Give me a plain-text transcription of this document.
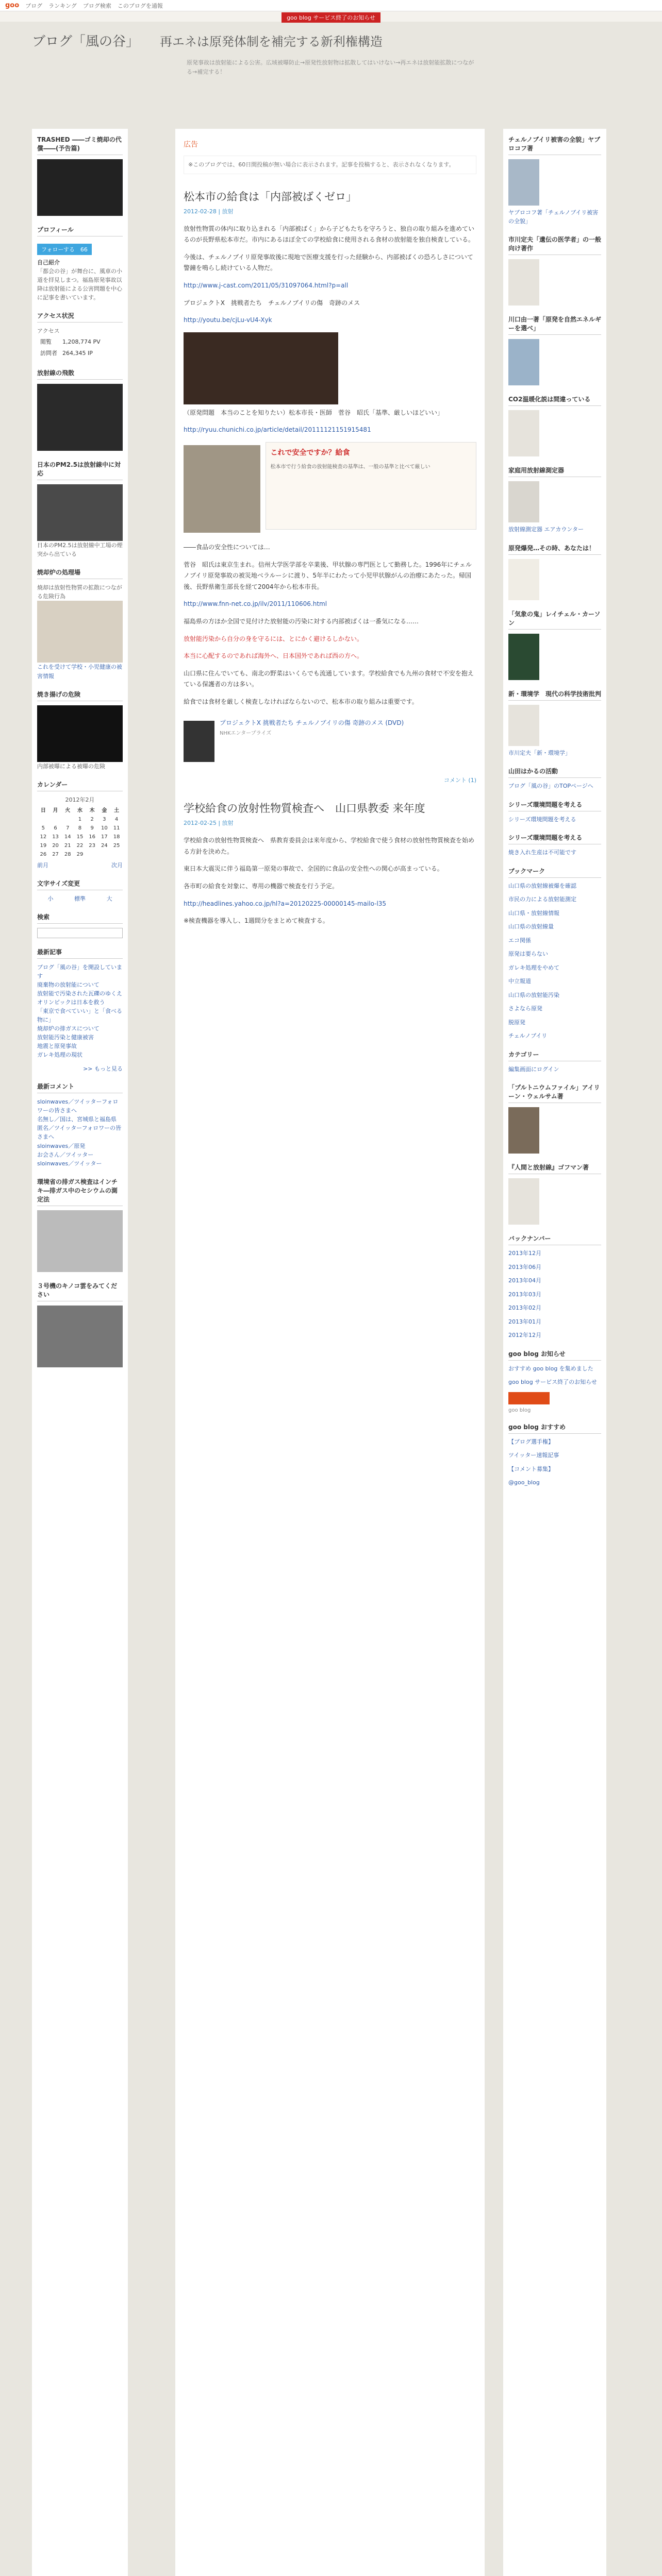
goo ブログ ランキング ブログ検索 このブログを通報
goo blog サービス終了のお知らせ
ブログ「風の谷」 再エネは原発体制を補完する新利権構造

原発事故は放射能による公害。広域被曝防止→原発性放射物は拡散してはいけない→再エネは放射能拡散につながる→補完する！

TRASHED ――ゴミ焼却の代償――(予告篇)
プロフィール
フォローする　66
自己紹介
「都会の谷」が舞台に、風車の小道を拝見しまつ。福島原発事故以降は放射能による公害問題を中心に記事を書いています。
アクセス状況
アクセス
閲覧	1,208,774 PV
訪問者	264,345 IP
放射線の飛散
日本のPM2.5は放射線中に対応
日本のPM2.5は放射線中工場の煙突から出ている
焼却炉の処理場
焼却は放射性物質の拡散につながる危険行為
これを受けて学校・小児健康の被害情報
焼き揚げの危険
内部被曝による被曝の危険
カレンダー
2012年2月
日	月	火	水	木	金	土
			1	2	3	4
5	6	7	8	9	10	11
12	13	14	15	16	17	18
19	20	21	22	23	24	25
26	27	28	29			
前月	次月
文字サイズ変更
小	標準	大
検索
最新記事
ブログ「風の谷」を開設しています
廃棄物の放射能について
放射能で汚染された瓦礫のゆくえ
オリンピックは日本を救う
「東京で食べていい」と「食べる物に」
焼却炉の排ガスについて
放射能汚染と健康被害
地震と原発事故
ガレキ処理の現状
>> もっと見る
最新コメント
sloinwaves／ツイッターフォロワーの皆さまへ
名無し／国は、宮城県と福島県
匿名／ツイッターフォロワーの皆さまへ
sloinwaves／原発
お会さん／ツイッター
sloinwaves／ツイッター
環境省の排ガス検査はインチキ―排ガス中のセシウムの測定法
３号機のキノコ雲をみてください
広告
※このブログでは、60日間投稿が無い場合に表示されます。記事を投稿すると、表示されなくなります。
松本市の給食は「内部被ばくゼロ」
2012-02-28 | 放射

放射性物質の体内に取り込まれる「内部被ばく」から子どもたちを守ろうと、独自の取り組みを進めているのが長野県松本市だ。市内にあるほぼ全ての学校給食に使用される食材の放射能を独自検査している。

今後は、チェルノブイリ原発事故後に現地で医療支援を行った経験から、内部被ばくの恐ろしさについて警鐘を鳴らし続けている人物だ。

http://www.j-cast.com/2011/05/31097064.html?p=all

プロジェクトX　挑戦者たち　チェルノブイリの傷　奇跡のメス

http://youtu.be/cjLu-vU4-Xyk

（原発問題　本当のことを知りたい）松本市長・医師　菅谷　昭氏「基準、厳しいほどいい」

http://ryuu.chunichi.co.jp/article/detail/20111121151915481

これで安全ですか？給食
松本市で行う給食の放射能検査の基準は、一般の基準と比べて厳しい

――食品の安全性については…

菅谷　昭氏は東京生まれ。信州大学医学部を卒業後、甲状腺の専門医として勤務した。1996年にチェルノブイリ原発事故の被災地ベラルーシに渡り、5年半にわたって小児甲状腺がんの治療にあたった。帰国後、長野県衛生部長を経て2004年から松本市長。

http://www.fnn-net.co.jp/ilv/2011/110606.html

福島県の方ほか全国で見付けた放射能の汚染に対する内部被ばくは一番気になる……

放射能汚染から自分の身を守るには、とにかく避けるしかない。

本当に心配するのであれば海外へ、日本国外であれば西の方へ。

山口県に住んでいても、南北の野菜はいくらでも流通しています。学校給食でも九州の食材で不安を抱えている保護者の方は多い。

給食では食材を厳しく検査しなければならないので、松本市の取り組みは重要です。

プロジェクトX 挑戦者たち チェルノブイリの傷 奇跡のメス (DVD)
NHKエンタープライズ
コメント (1)
学校給食の放射性物質検査へ　山口県教委 来年度
2012-02-25 | 放射

学校給食の放射性物質検査へ　県教育委員会は来年度から、学校給食で使う食材の放射性物質検査を始める方針を決めた。

東日本大震災に伴う福島第一原発の事故で、全国的に食品の安全性への関心が高まっている。

各市町の給食を対象に、専用の機器で検査を行う予定。

http://headlines.yahoo.co.jp/hl?a=20120225-00000145-mailo-l35

※検査機器を導入し、1週間分をまとめて検査する。

チェルノブイリ被害の全貌」ヤブロコフ著
ヤブロコフ著「チェルノブイリ被害の全貌」
市川定夫「遺伝の医学者」の一般向け著作
川口由一著「原発を自然エネルギーを選べ」
CO2温暖化説は間違っている
家庭用放射線測定器
放射線測定器 エアカウンター
原発爆発…その時、あなたは！
「気象の鬼」レイチェル・カーソン
新・環境学　現代の科学技術批判
市川定夫「新・環境学」
山田はかるの活動
ブログ「風の谷」のTOPページへ
シリーズ環境問題を考える
シリーズ環境問題を考える
シリーズ環境問題を考える
焼き入れ生産は不可能です
ブックマーク
山口県の放射線被爆を確認
市民の力による放射能測定
山口県・放射線情報
山口県の放射線量
エコ関係
原発は要らない
ガレキ処理をやめて
中立報道
山口県の放射能汚染
さよなら原発
脱原発
チェルノブイリ
カテゴリー
編集画面にログイン
「プルトニウムファイル」アイリーン・ウェルサム著
『人間と放射線』ゴフマン著
バックナンバー
2013年12月
2013年06月
2013年04月
2013年03月
2013年02月
2013年01月
2012年12月
goo blog お知らせ
おすすめ goo blog を集めました
goo blog サービス終了のお知らせ
goo blog
goo blog おすすめ
【ブログ選手権】
ツイッター速報記事
【コメント募集】
@goo_blog
